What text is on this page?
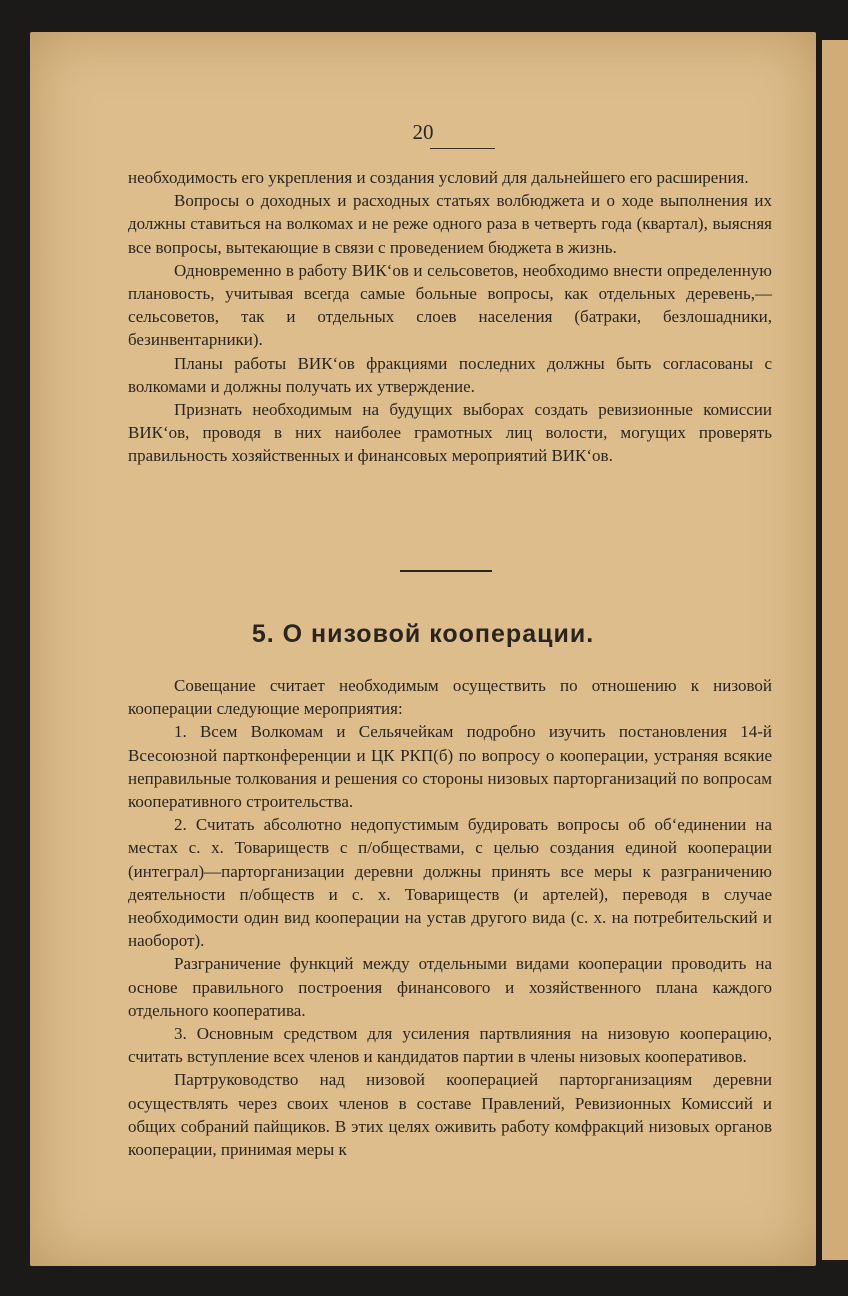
20

необходимость его укрепления и создания условий для дальнейшего его расширения.

Вопросы о доходных и расходных статьях волбюджета и о ходе выполнения их должны ставиться на волкомах и не реже одного раза в четверть года (квартал), выясняя все вопросы, вытекающие в связи с проведением бюджета в жизнь.

Одновременно в работу ВИК‘ов и сельсоветов, необходимо внести определенную плановость, учитывая всегда самые больные вопросы, как отдельных деревень,—сельсоветов, так и отдельных слоев населения (батраки, безлошадники, безинвентарники).

Планы работы ВИК‘ов фракциями последних должны быть согласованы с волкомами и должны получать их утверждение.

Признать необходимым на будущих выборах создать ревизионные комиссии ВИК‘ов, проводя в них наиболее грамотных лиц волости, могущих проверять правильность хозяйственных и финансовых мероприятий ВИК‘ов.

5. О низовой кооперации.

Совещание считает необходимым осуществить по отношению к низовой кооперации следующие мероприятия:

1. Всем Волкомам и Сельячейкам подробно изучить постановления 14-й Всесоюзной партконференции и ЦК РКП(б) по вопросу о кооперации, устраняя всякие неправильные толкования и решения со стороны низовых парторганизаций по вопросам кооперативного строительства.

2. Считать абсолютно недопустимым будировать вопросы об об‘единении на местах с. х. Товариществ с п/обществами, с целью создания единой кооперации (интеграл)—парторганизации деревни должны принять все меры к разграничению деятельности п/обществ и с. х. Товариществ (и артелей), переводя в случае необходимости один вид кооперации на устав другого вида (с. х. на потребительский и наоборот).

Разграничение функций между отдельными видами кооперации проводить на основе правильного построения финансового и хозяйственного плана каждого отдельного кооператива.

3. Основным средством для усиления партвлияния на низовую кооперацию, считать вступление всех членов и кандидатов партии в члены низовых кооперативов.

Партруководство над низовой кооперацией парторганизациям деревни осуществлять через своих членов в составе Правлений, Ревизионных Комиссий и общих собраний пайщиков. В этих целях оживить работу комфракций низовых органов кооперации, принимая меры к
